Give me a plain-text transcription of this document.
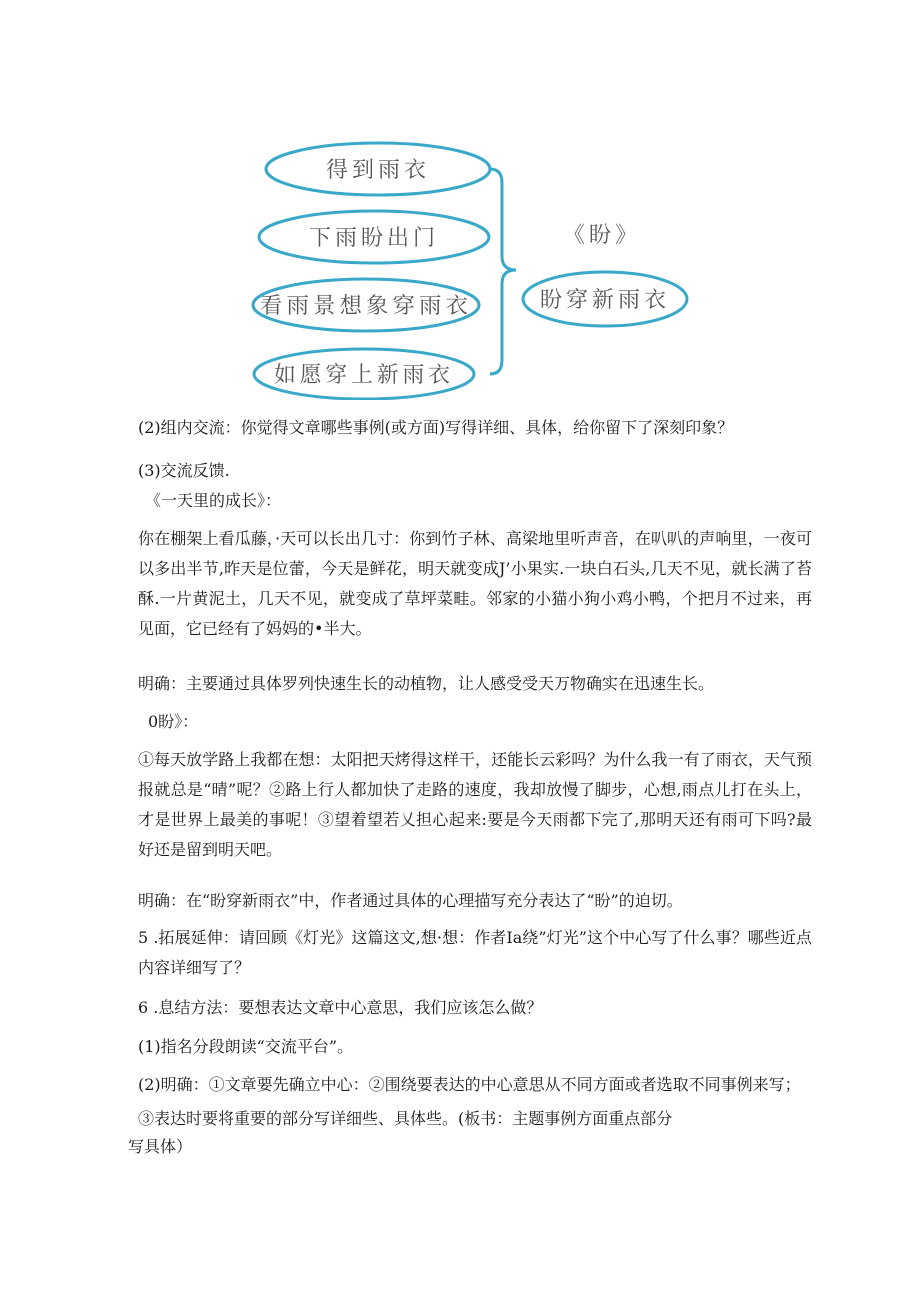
得到雨衣
下雨盼出门
看雨景想象穿雨衣
如愿穿上新雨衣
《盼》
盼穿新雨衣

(2)组内交流：你觉得文章哪些事例(或方面)写得详细、具体，给你留下了深刻印象？

(3)交流反馈.

《一天里的成长》：

你在棚架上看瓜藤，·天可以长出几寸：你到竹子林、高梁地里听声音，在叭叭的声响里，一夜可以多出半节,昨天是位蕾，今天是鲜花，明天就变成J’小果实.一块白石头,几天不见，就长满了苔酥.一片黄泥土，几天不见，就变成了草坪菜畦。邻家的小猫小狗小鸡小鸭，个把月不过来，再见面，它已经有了妈妈的•半大。

明确：主要通过具体罗列快速生长的动植物，让人感受受天万物确实在迅速生长。

0盼》：

①每天放学路上我都在想：太阳把天烤得这样干，还能长云彩吗？为什么我一有了雨衣，天气预报就总是“晴”呢？②路上行人都加快了走路的速度，我却放慢了脚步，心想,雨点儿打在头上，才是世界上最美的事呢！③望着望若乂担心起来:要是今天雨都下完了,那明天还有雨可下吗?最好还是留到明天吧。

明确：在“盼穿新雨衣”中，作者通过具体的心理描写充分表达了“盼”的迫切。

5 .拓展延伸：请回顾《灯光》这篇这文,想·想：作者Ia绕”灯光”这个中心写了什么事？哪些近点内容详细写了？

6 .息结方法：要想表达文章中心意思，我们应该怎么做？

(1)指名分段朗读“交流平台”。

(2)明确：①文章要先确立中心：②围绕要表达的中心意思从不同方面或者选取不同事例来写；

③表达时要将重要的部分写详细些、具体些。(板书：主题事例方面重点部分

写具体）
